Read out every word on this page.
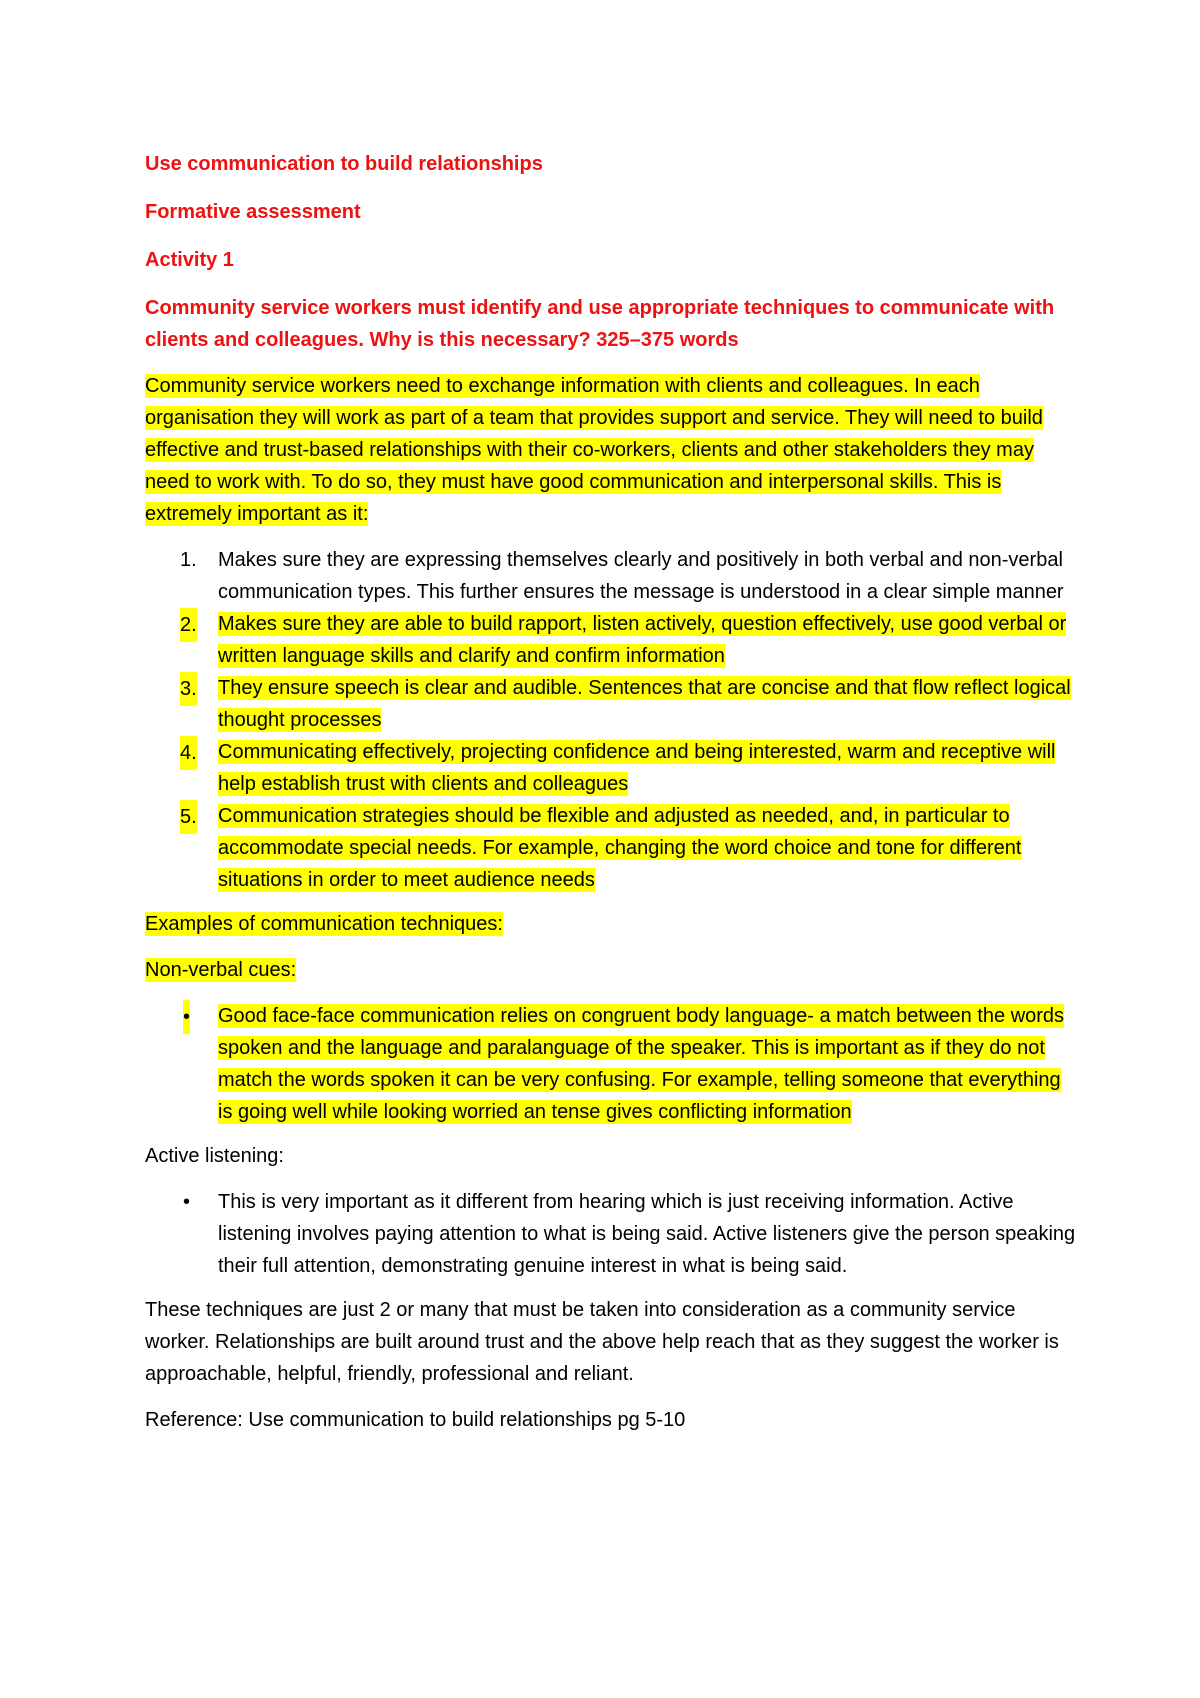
Use communication to build relationships
Formative assessment
Activity 1
Community service workers must identify and use appropriate techniques to communicate with clients and colleagues. Why is this necessary? 325–375 words
Community service workers need to exchange information with clients and colleagues. In each organisation they will work as part of a team that provides support and service. They will need to build effective and trust-based relationships with their co-workers, clients and other stakeholders they may need to work with. To do so, they must have good communication and interpersonal skills. This is extremely important as it:
1. Makes sure they are expressing themselves clearly and positively in both verbal and non-verbal communication types. This further ensures the message is understood in a clear simple manner
2. Makes sure they are able to build rapport, listen actively, question effectively, use good verbal or written language skills and clarify and confirm information
3. They ensure speech is clear and audible. Sentences that are concise and that flow reflect logical thought processes
4. Communicating effectively, projecting confidence and being interested, warm and receptive will help establish trust with clients and colleagues
5. Communication strategies should be flexible and adjusted as needed, and, in particular to accommodate special needs. For example, changing the word choice and tone for different situations in order to meet audience needs
Examples of communication techniques:
Non-verbal cues:
• Good face-face communication relies on congruent body language- a match between the words spoken and the language and paralanguage of the speaker. This is important as if they do not match the words spoken it can be very confusing. For example, telling someone that everything is going well while looking worried an tense gives conflicting information
Active listening:
• This is very important as it different from hearing which is just receiving information. Active listening involves paying attention to what is being said. Active listeners give the person speaking their full attention, demonstrating genuine interest in what is being said.
These techniques are just 2 or many that must be taken into consideration as a community service worker. Relationships are built around trust and the above help reach that as they suggest the worker is approachable, helpful, friendly, professional and reliant.
Reference: Use communication to build relationships pg 5-10
